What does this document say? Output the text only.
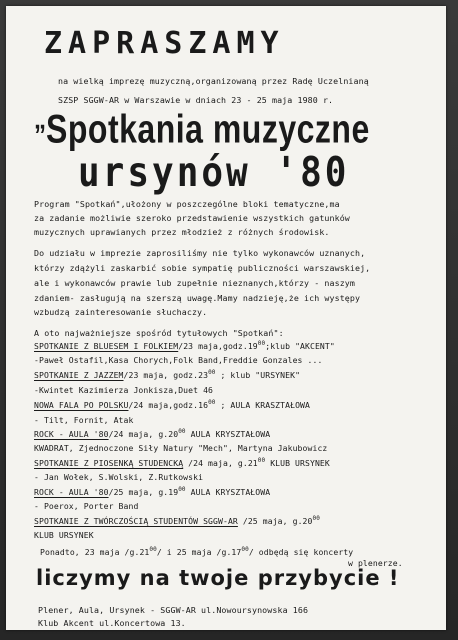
ZAPRASZAMY
na wielką imprezę muzyczną,organizowaną przez Radę Uczelnianą
SZSP SGGW-AR w Warszawie w dniach 23 - 25 maja 1980 r.
„ Spotkania muzyczne
ursynów '80
Program "Spotkań",ułożony w poszczególne bloki tematyczne,ma
za zadanie możliwie szeroko przedstawienie wszystkich gatunków
muzycznych uprawianych przez młodzież z różnych środowisk.
Do udziału w imprezie zaprosiliśmy nie tylko wykonawców uznanych,
którzy zdążyli zaskarbić sobie sympatię publiczności warszawskiej,
ale i wykonawców prawie lub zupełnie nieznanych,którzy - naszym
zdaniem- zasługują na szerszą uwagę.Mamy nadzieję,że ich występy
wzbudzą zainteresowanie słuchaczy.
A oto najważniejsze spośród tytułowych "Spotkań":
SPOTKANIE Z BLUESEM I FOLKIEM/23 $maja,godz.19^{00};klub$ "AKCENT"
-Paweł Ostafil,Kasa Chorych,Folk Band,Freddie Gonzales ...
SPOTKANIE Z JAZZEM/23 maja, $godz.23^{00}$ ; klub "URSYNEK"
-Kwintet Kazimierza Jonkisza,Duet 46
NOWA FALA PO POLSKU/24 $maja,godz.16^{00}$ ; AULA KRASZTAŁOWA
- Tilt, Fornit, Atak
ROCK - AULA '80/24 maja, $g.20^{00}$ AULA KRYSZTAŁOWA
KWADRAT, Zjednoczone Siły Natury "Mech", Martyna Jakubowicz
SPOTKANIE Z PIOSENKĄ STUDENCKĄ /24 maja, $g.21^{00}$ KLUB URSYNEK
- Jan Wołek, S.Wolski, Z.Rutkowski
ROCK - AULA '80/25 maja, $g.19^{00}$ AULA KRYSZTAŁOWA
- Poerox, Porter Band
SPOTKANIE Z TWÓRCZOŚCIĄ STUDENTÓW SGGW-AR /25 maja, $g.20^{00}$
KLUB URSYNEK
Ponadto, 23 maja $/g.21^{00}/$ i 25 maja $/g.17^{00}/$ odbędą się koncerty
w plenerze.
liczymy na twoje przybycie !
Plener, Aula, Ursynek - SGGW-AR ul.Nowoursynowska 166
Klub Akcent ul.Koncertowa 13.
